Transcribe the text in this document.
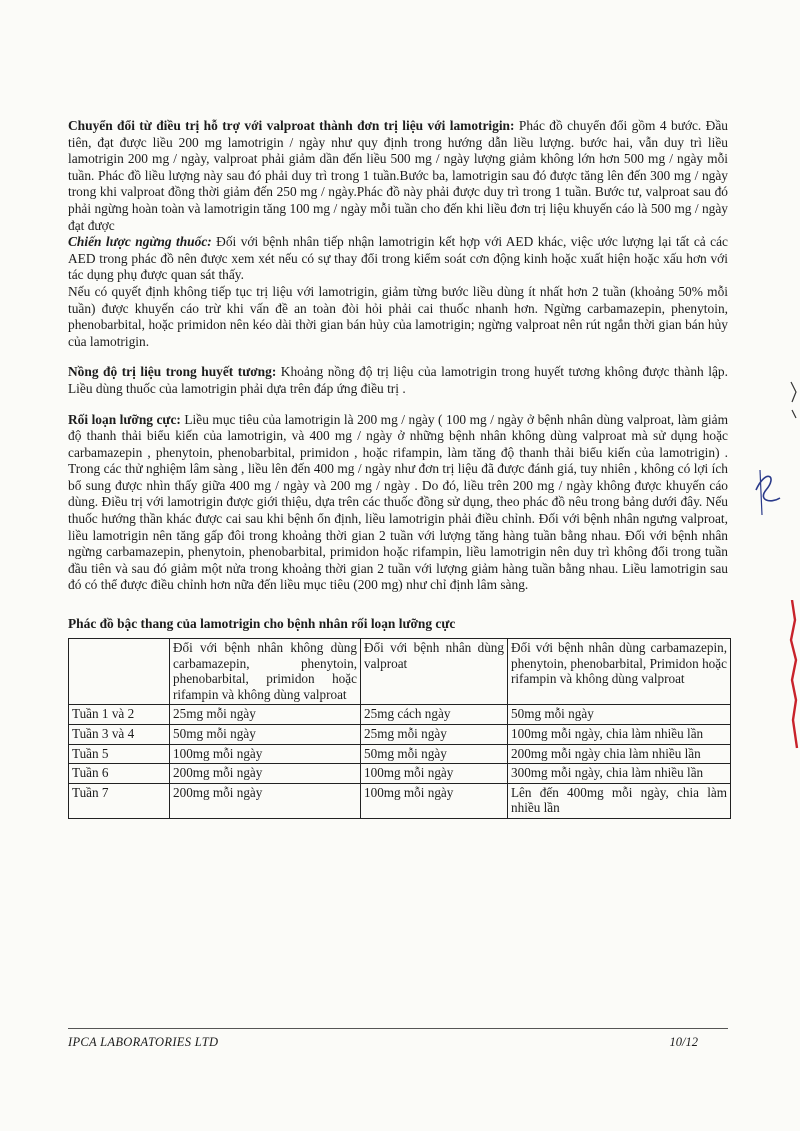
Chuyển đổi từ điều trị hỗ trợ với valproat thành đơn trị liệu với lamotrigin: Phác đồ chuyển đổi gồm 4 bước. Đầu tiên, đạt được liều 200 mg lamotrigin / ngày như quy định trong hướng dẫn liều lượng. bước hai, vẫn duy trì liều lamotrigin 200 mg / ngày, valproat phải giảm dần đến liều 500 mg / ngày lượng giảm không lớn hơn 500 mg / ngày mỗi tuần. Phác đồ liều lượng này sau đó phải duy trì trong 1 tuần.Bước ba, lamotrigin sau đó được tăng lên đến 300 mg / ngày trong khi valproat đồng thời giảm đến 250 mg / ngày.Phác đồ này phải được duy trì trong 1 tuần. Bước tư, valproat sau đó phải ngừng hoàn toàn và lamotrigin tăng 100 mg / ngày mỗi tuần cho đến khi liều đơn trị liệu khuyến cáo là 500 mg / ngày đạt được

Chiến lược ngừng thuốc: Đối với bệnh nhân tiếp nhận lamotrigin kết hợp với AED khác, việc ước lượng lại tất cả các AED trong phác đồ nên được xem xét nếu có sự thay đổi trong kiểm soát cơn động kinh hoặc xuất hiện hoặc xấu hơn với tác dụng phụ được quan sát thấy.

Nếu có quyết định không tiếp tục trị liệu với lamotrigin, giảm từng bước liều dùng ít nhất hơn 2 tuần (khoảng 50% mỗi tuần) được khuyến cáo trừ khi vấn đề an toàn đòi hỏi phải cai thuốc nhanh hơn. Ngừng carbamazepin, phenytoin, phenobarbital, hoặc primidon nên kéo dài thời gian bán hủy của lamotrigin; ngừng valproat nên rút ngắn thời gian bán hủy của lamotrigin.

Nồng độ trị liệu trong huyết tương: Khoảng nồng độ trị liệu của lamotrigin trong huyết tương không được thành lập. Liều dùng thuốc của lamotrigin phải dựa trên đáp ứng điều trị .

Rối loạn lưỡng cực: Liều mục tiêu của lamotrigin là 200 mg / ngày ( 100 mg / ngày ở bệnh nhân dùng valproat, làm giảm độ thanh thải biểu kiến của lamotrigin, và 400 mg / ngày ở những bệnh nhân không dùng valproat mà sử dụng hoặc carbamazepin , phenytoin, phenobarbital, primidon , hoặc rifampin, làm tăng độ thanh thải biểu kiến của lamotrigin) . Trong các thử nghiệm lâm sàng , liều lên đến 400 mg / ngày như đơn trị liệu đã được đánh giá, tuy nhiên , không có lợi ích bổ sung được nhìn thấy giữa 400 mg / ngày và 200 mg / ngày . Do đó, liều trên 200 mg / ngày không được khuyến cáo dùng. Điều trị với lamotrigin được giới thiệu, dựa trên các thuốc đồng sử dụng, theo phác đồ nêu trong bảng dưới đây. Nếu thuốc hướng thần khác được cai sau khi bệnh ổn định, liều lamotrigin phải điều chỉnh. Đối với bệnh nhân ngưng valproat, liều lamotrigin nên tăng gấp đôi trong khoảng thời gian 2 tuần với lượng tăng hàng tuần bằng nhau. Đối với bệnh nhân ngừng carbamazepin, phenytoin, phenobarbital, primidon hoặc rifampin, liều lamotrigin nên duy trì không đổi trong tuần đầu tiên và sau đó giảm một nửa trong khoảng thời gian 2 tuần với lượng giảm hàng tuần bằng nhau. Liều lamotrigin sau đó có thể được điều chỉnh hơn nữa đến liều mục tiêu (200 mg) như chỉ định lâm sàng.

Phác đồ bậc thang của lamotrigin cho bệnh nhân rối loạn lưỡng cực
	Đối với bệnh nhân không dùng carbamazepin, phenytoin, phenobarbital, primidon hoặc rifampin và không dùng valproat	Đối với bệnh nhân dùng valproat	Đối với bệnh nhân dùng carbamazepin, phenytoin, phenobarbital, Primidon hoặc rifampin và không dùng valproat
Tuần 1 và 2	25mg mỗi ngày	25mg cách ngày	50mg mỗi ngày
Tuần 3 và 4	50mg mỗi ngày	25mg mỗi ngày	100mg mỗi ngày, chia làm nhiều lần
Tuần 5	100mg mỗi ngày	50mg mỗi ngày	200mg mỗi ngày chia làm nhiều lần
Tuần 6	200mg mỗi ngày	100mg mỗi ngày	300mg mỗi ngày, chia làm nhiều lần
Tuần 7	200mg mỗi ngày	100mg mỗi ngày	Lên đến 400mg mỗi ngày, chia làm nhiều lần
IPCA LABORATORIES LTD	10/12
